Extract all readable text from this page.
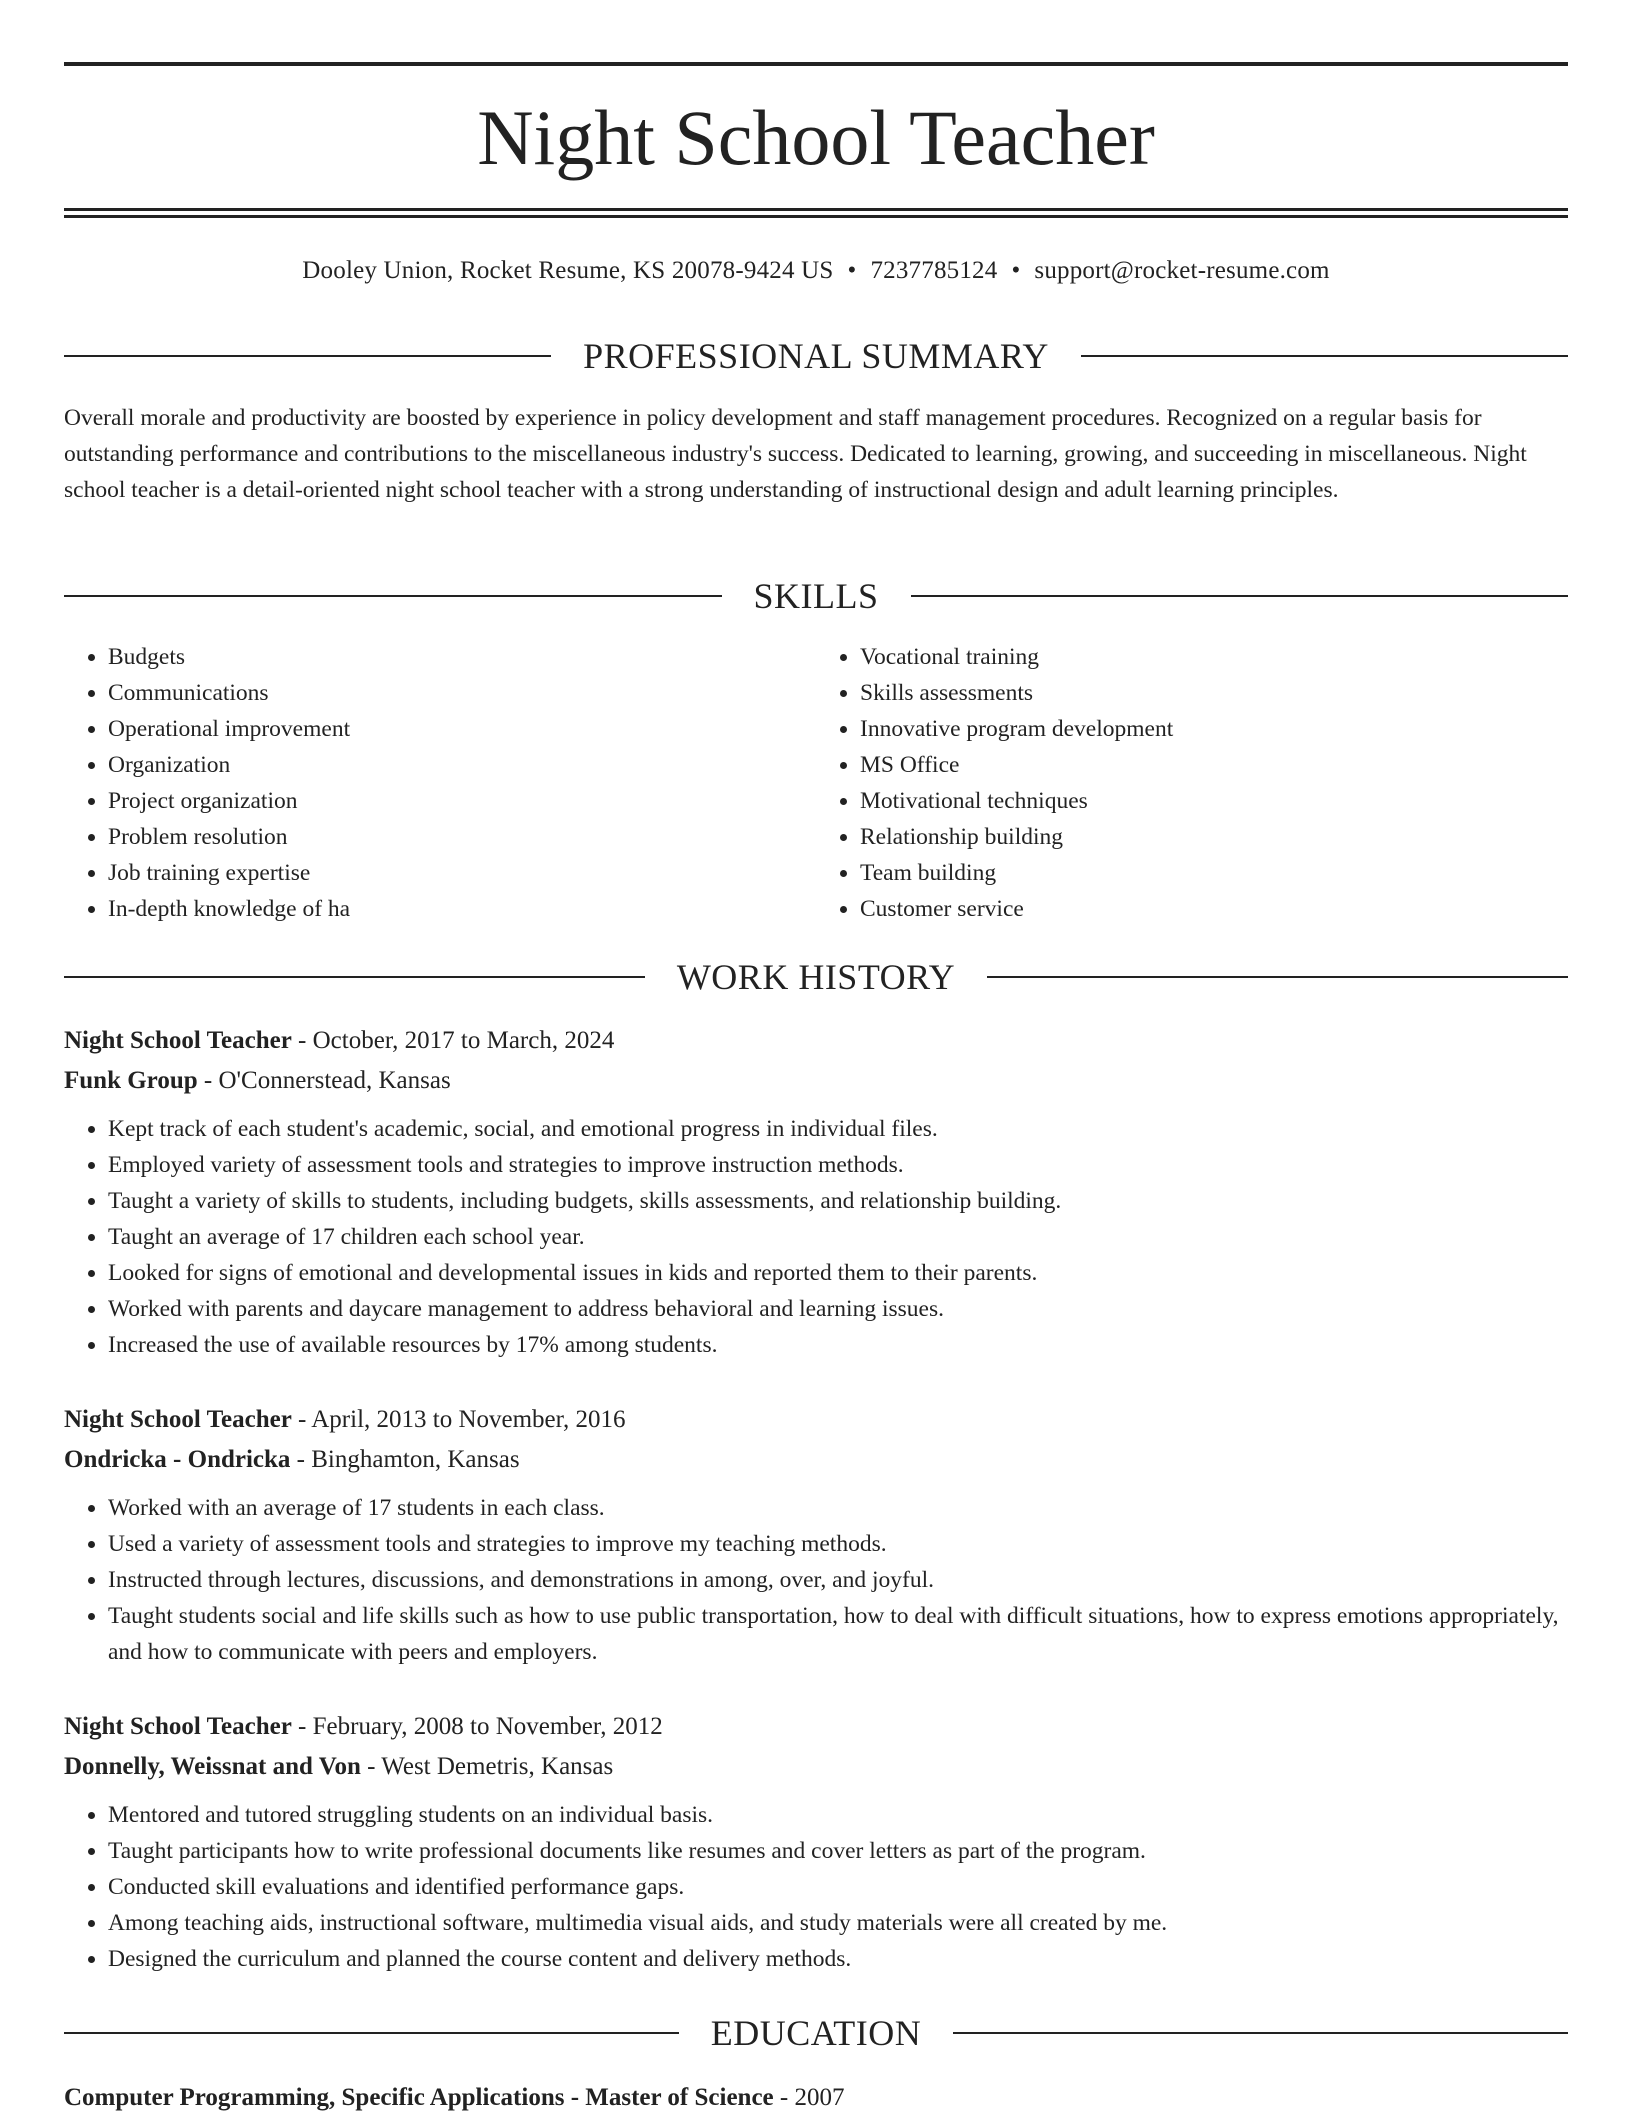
Night School Teacher
Dooley Union, Rocket Resume, KS 20078-9424 US • 7237785124 • support@rocket-resume.com
PROFESSIONAL SUMMARY

Overall morale and productivity are boosted by experience in policy development and staff management procedures. Recognized on a regular basis for outstanding performance and contributions to the miscellaneous industry's success. Dedicated to learning, growing, and succeeding in miscellaneous. Night school teacher is a detail-oriented night school teacher with a strong understanding of instructional design and adult learning principles.

SKILLS
• Budgets
• Communications
• Operational improvement
• Organization
• Project organization
• Problem resolution
• Job training expertise
• In-depth knowledge of ha
• Vocational training
• Skills assessments
• Innovative program development
• MS Office
• Motivational techniques
• Relationship building
• Team building
• Customer service
WORK HISTORY
Night School Teacher - October, 2017 to March, 2024
Funk Group - O'Connerstead, Kansas
• Kept track of each student's academic, social, and emotional progress in individual files.
• Employed variety of assessment tools and strategies to improve instruction methods.
• Taught a variety of skills to students, including budgets, skills assessments, and relationship building.
• Taught an average of 17 children each school year.
• Looked for signs of emotional and developmental issues in kids and reported them to their parents.
• Worked with parents and daycare management to address behavioral and learning issues.
• Increased the use of available resources by 17% among students.
Night School Teacher - April, 2013 to November, 2016
Ondricka - Ondricka - Binghamton, Kansas
• Worked with an average of 17 students in each class.
• Used a variety of assessment tools and strategies to improve my teaching methods.
• Instructed through lectures, discussions, and demonstrations in among, over, and joyful.
• Taught students social and life skills such as how to use public transportation, how to deal with difficult situations, how to express emotions appropriately, and how to communicate with peers and employers.
Night School Teacher - February, 2008 to November, 2012
Donnelly, Weissnat and Von - West Demetris, Kansas
• Mentored and tutored struggling students on an individual basis.
• Taught participants how to write professional documents like resumes and cover letters as part of the program.
• Conducted skill evaluations and identified performance gaps.
• Among teaching aids, instructional software, multimedia visual aids, and study materials were all created by me.
• Designed the curriculum and planned the course content and delivery methods.
EDUCATION
Computer Programming, Specific Applications - Master of Science - 2007
